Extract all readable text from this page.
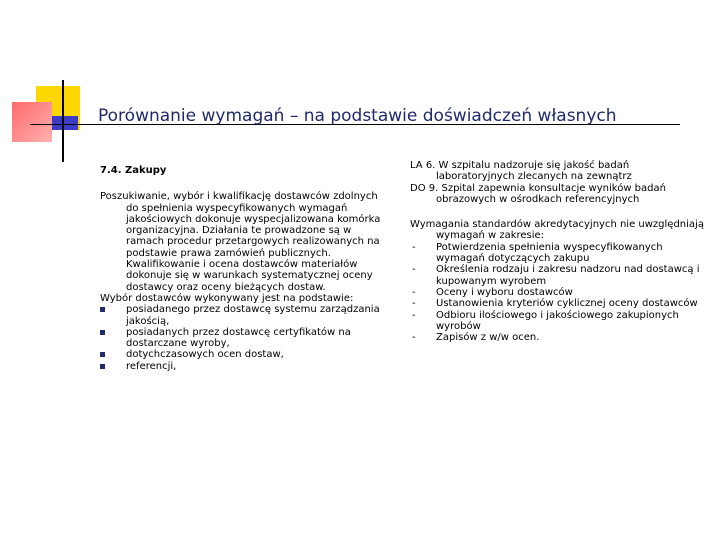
Porównanie wymagań – na podstawie doświadczeń własnych
7.4. Zakupy
Poszukiwanie, wybór i kwalifikację dostawców zdolnych do spełnienia wyspecyfikowanych wymagań jakościowych dokonuje wyspecjalizowana komórka organizacyjna. Działania te prowadzone są w ramach procedur przetargowych realizowanych na podstawie prawa zamówień publicznych. Kwalifikowanie i ocena dostawców materiałów dokonuje się w warunkach systematycznej oceny dostawcy oraz oceny bieżących dostaw.
Wybór dostawców wykonywany jest na podstawie:
posiadanego przez dostawcę systemu zarządzania jakością,
posiadanych przez dostawcę certyfikatów na dostarczane wyroby,
dotychczasowych ocen dostaw,
referencji,
LA 6. W szpitalu nadzoruje się jakość badań laboratoryjnych zlecanych na zewnątrz
DO 9. Szpital zapewnia konsultacje wyników badań obrazowych w ośrodkach referencyjnych
Wymagania standardów akredytacyjnych nie uwzględniają wymagań w zakresie:
- Potwierdzenia spełnienia wyspecyfikowanych wymagań dotyczących zakupu
- Określenia rodzaju i zakresu nadzoru nad dostawcą i kupowanym wyrobem
- Oceny i wyboru dostawców
- Ustanowienia kryteriów cyklicznej oceny dostawców
- Odbioru ilościowego i jakościowego zakupionych wyrobów
- Zapisów z w/w ocen.
